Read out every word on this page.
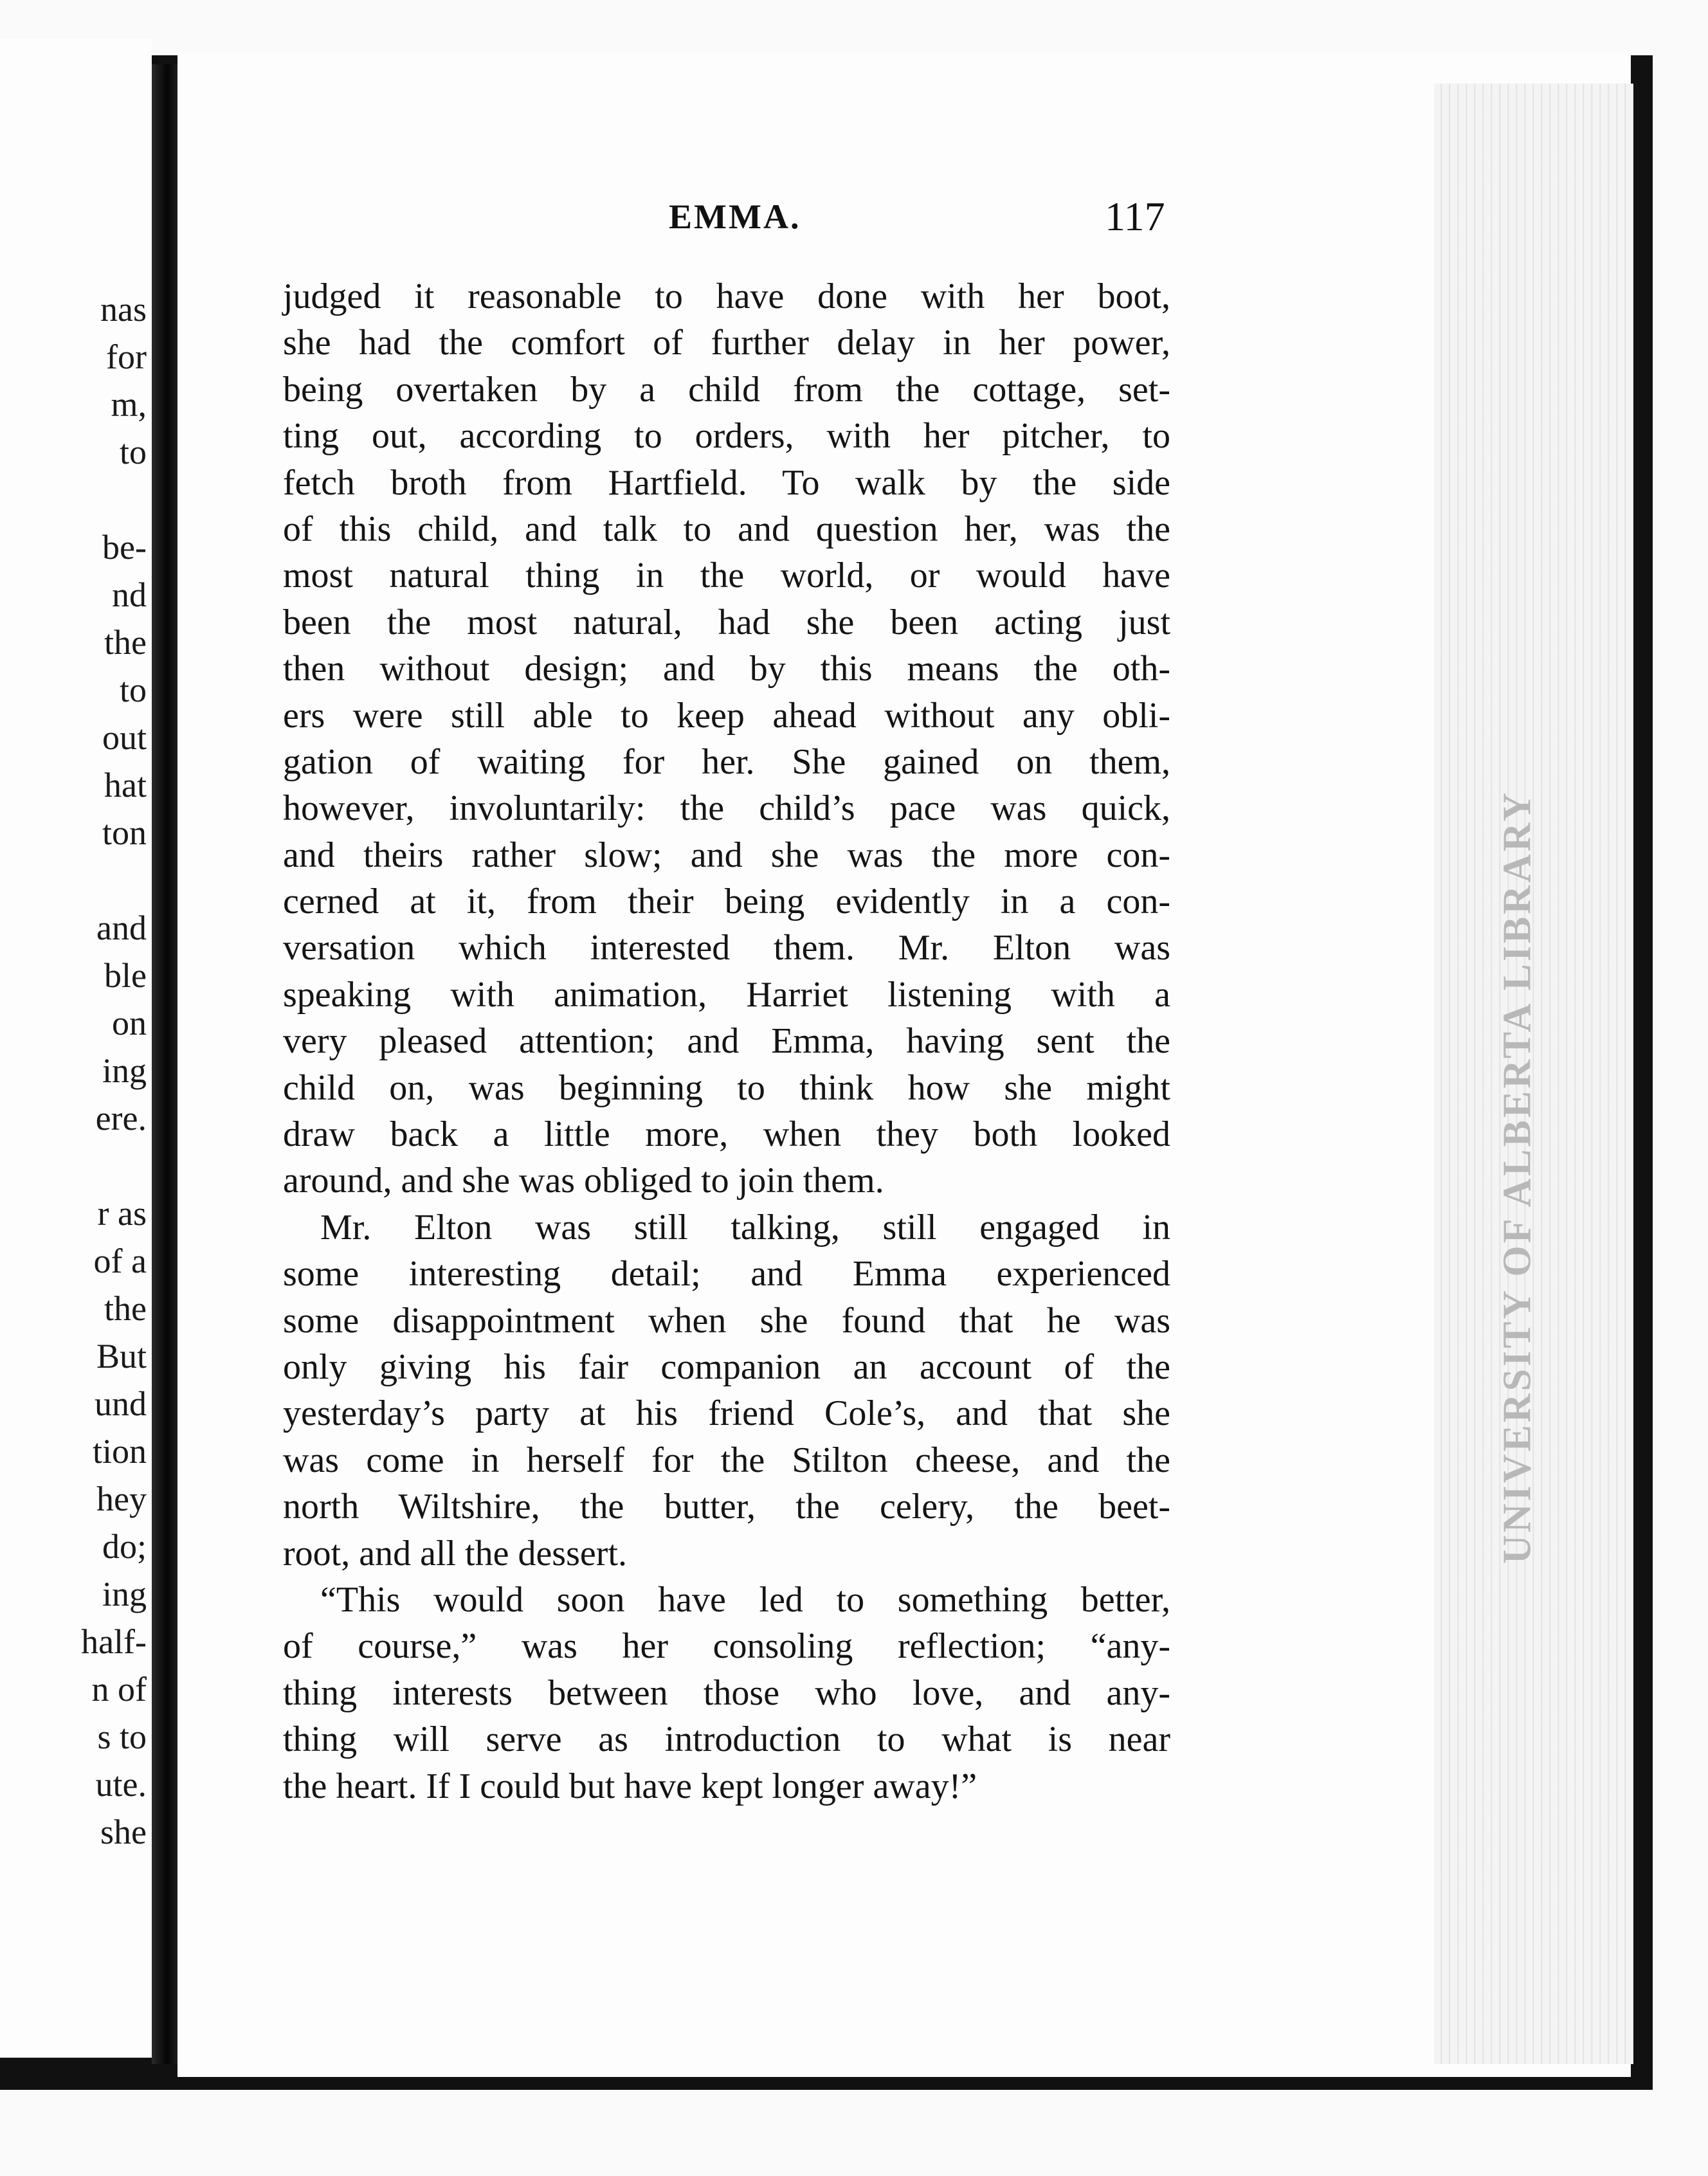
nas
for
m,
to
be-
nd
the
to
out
hat
ton
and
ble
on
ing
ere.
r as
of a
the
But
und
tion
hey
do;
ing
half-
n of
s to
ute.
she
EMMA.	117
judged it reasonable to have done with her boot,
she had the comfort of further delay in her power,
being overtaken by a child from the cottage, set-
ting out, according to orders, with her pitcher, to
fetch broth from Hartfield. To walk by the side
of this child, and talk to and question her, was the
most natural thing in the world, or would have
been the most natural, had she been acting just
then without design; and by this means the oth-
ers were still able to keep ahead without any obli-
gation of waiting for her. She gained on them,
however, involuntarily: the child’s pace was quick,
and theirs rather slow; and she was the more con-
cerned at it, from their being evidently in a con-
versation which interested them. Mr. Elton was
speaking with animation, Harriet listening with a
very pleased attention; and Emma, having sent the
child on, was beginning to think how she might
draw back a little more, when they both looked
around, and she was obliged to join them.
Mr. Elton was still talking, still engaged in
some interesting detail; and Emma experienced
some disappointment when she found that he was
only giving his fair companion an account of the
yesterday’s party at his friend Cole’s, and that she
was come in herself for the Stilton cheese, and the
north Wiltshire, the butter, the celery, the beet-
root, and all the dessert.
“This would soon have led to something better,
of course,” was her consoling reflection; “any-
thing interests between those who love, and any-
thing will serve as introduction to what is near
the heart. If I could but have kept longer away!”
UNIVERSITY OF ALBERTA LIBRARY
